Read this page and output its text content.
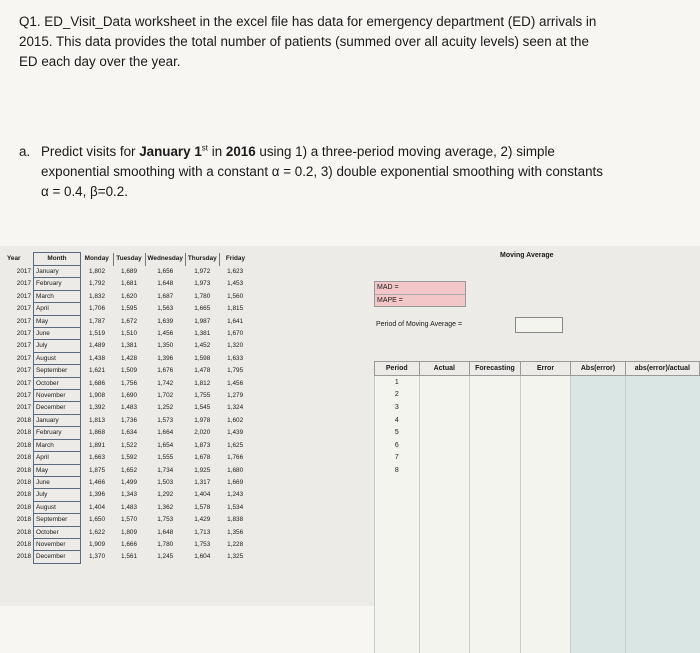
Q1. ED_Visit_Data worksheet in the excel file has data for emergency department (ED) arrivals in
2015. This data provides the total number of patients (summed over all acuity levels) seen at the
ED each day over the year.
a. Predict visits for January 1st in 2016 using 1) a three-period moving average, 2) simple
exponential smoothing with a constant α = 0.2, 3) double exponential smoothing with constants
α = 0.4, β=0.2.
Year	Month	Monday	Tuesday	Wednesday	Thursday	Friday
2017	January	1,802	1,689	1,656	1,972	1,623
2017	February	1,792	1,681	1,648	1,973	1,453
2017	March	1,832	1,620	1,687	1,780	1,560
2017	April	1,706	1,595	1,563	1,665	1,815
2017	May	1,787	1,672	1,639	1,987	1,641
2017	June	1,519	1,510	1,456	1,381	1,670
2017	July	1,489	1,381	1,350	1,452	1,320
2017	August	1,438	1,428	1,396	1,598	1,633
2017	September	1,621	1,509	1,676	1,478	1,795
2017	October	1,686	1,756	1,742	1,812	1,456
2017	November	1,908	1,690	1,702	1,755	1,279
2017	December	1,392	1,483	1,252	1,545	1,324
2018	January	1,813	1,736	1,573	1,978	1,602
2018	February	1,868	1,634	1,664	2,020	1,439
2018	March	1,891	1,522	1,654	1,873	1,625
2018	April	1,663	1,592	1,555	1,678	1,766
2018	May	1,875	1,652	1,734	1,925	1,680
2018	June	1,466	1,499	1,503	1,317	1,669
2018	July	1,396	1,343	1,292	1,404	1,243
2018	August	1,404	1,483	1,362	1,578	1,534
2018	September	1,650	1,570	1,753	1,429	1,838
2018	October	1,622	1,809	1,648	1,713	1,356
2018	November	1,909	1,666	1,780	1,753	1,228
2018	December	1,370	1,561	1,245	1,604	1,325
Moving Average
MAD =
MAPE =
Period of Moving Average =
Period	Actual	Forecasting	Error	Abs(error)	abs(error)/actual
1					
2					
3					
4					
5					
6					
7					
8					
